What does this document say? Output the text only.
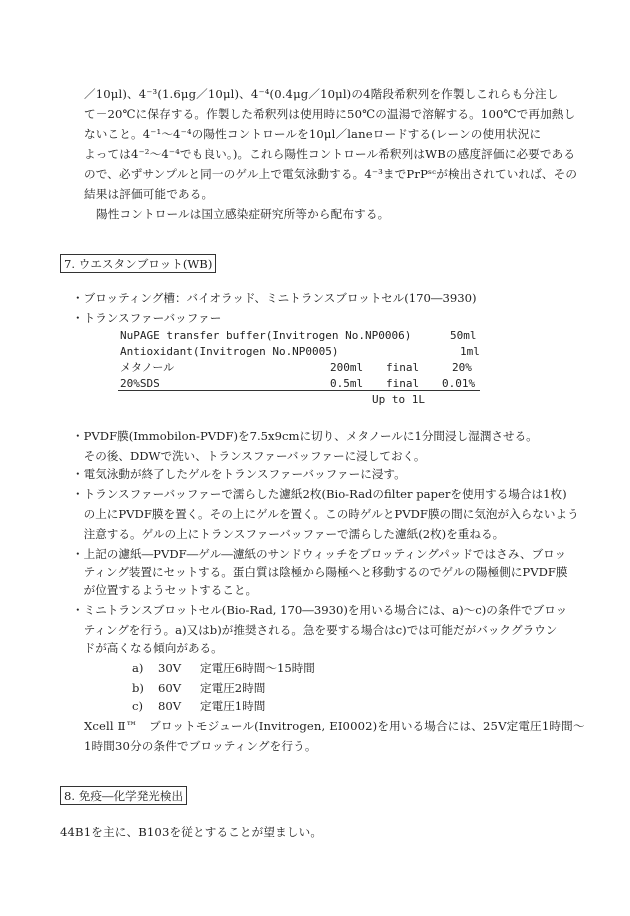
／10μl)、4⁻³(1.6μg／10μl)、4⁻⁴(0.4μg／10μl)の4階段希釈列を作製しこれらも分注し
て－20℃に保存する。作製した希釈列は使用時に50℃の温湯で溶解する。100℃で再加熱し
ないこと。4⁻¹～4⁻⁴の陽性コントロールを10μl／laneロードする(レーンの使用状況に
よっては4⁻²～4⁻⁴でも良い。)。これら陽性コントロール希釈列はWBの感度評価に必要である
ので、必ずサンプルと同一のゲル上で電気泳動する。4⁻³までPrPˢᶜが検出されていれば、その
結果は評価可能である。
陽性コントロールは国立感染症研究所等から配布する。
7. ウエスタンブロット(WB)
・ブロッティング槽：バイオラッド、ミニトランスブロットセル(170―3930)
・トランスファーバッファー
NuPAGE transfer buffer(Invitrogen No.NP0006)	50ml
Antioxidant(Invitrogen No.NP0005)	1ml
メタノール	200ml final	20%
20%SDS	0.5ml final 0.01%
Up to 1L
・PVDF膜(Immobilon-PVDF)を7.5x9cmに切り、メタノールに1分間浸し湿潤させる。
　その後、DDWで洗い、トランスファーバッファーに浸しておく。
・電気泳動が終了したゲルをトランスファーバッファーに浸す。
・トランスファーバッファーで濡らした濾紙2枚(Bio-Radのfilter paperを使用する場合は1枚)
　の上にPVDF膜を置く。その上にゲルを置く。この時ゲルとPVDF膜の間に気泡が入らないよう
　注意する。ゲルの上にトランスファーバッファーで濡らした濾紙(2枚)を重ねる。
・上記の濾紙―PVDF―ゲル―濾紙のサンドウィッチをブロッティングパッドではさみ、ブロッ
　ティング装置にセットする。蛋白質は陰極から陽極へと移動するのでゲルの陽極側にPVDF膜
　が位置するようセットすること。
・ミニトランスブロットセル(Bio-Rad, 170―3930)を用いる場合には、a)～c)の条件でブロッ
　ティングを行う。a)又はb)が推奨される。急を要する場合はc)では可能だがバックグラウン
　ドが高くなる傾向がある。
a) 30V 定電圧6時間～15時間
b) 60V 定電圧2時間
c) 80V 定電圧1時間
Xcell Ⅱ™　ブロットモジュール(Invitrogen, EI0002)を用いる場合には、25V定電圧1時間～
1時間30分の条件でブロッティングを行う。
8. 免疫―化学発光検出
44B1を主に、B103を従とすることが望ましい。
